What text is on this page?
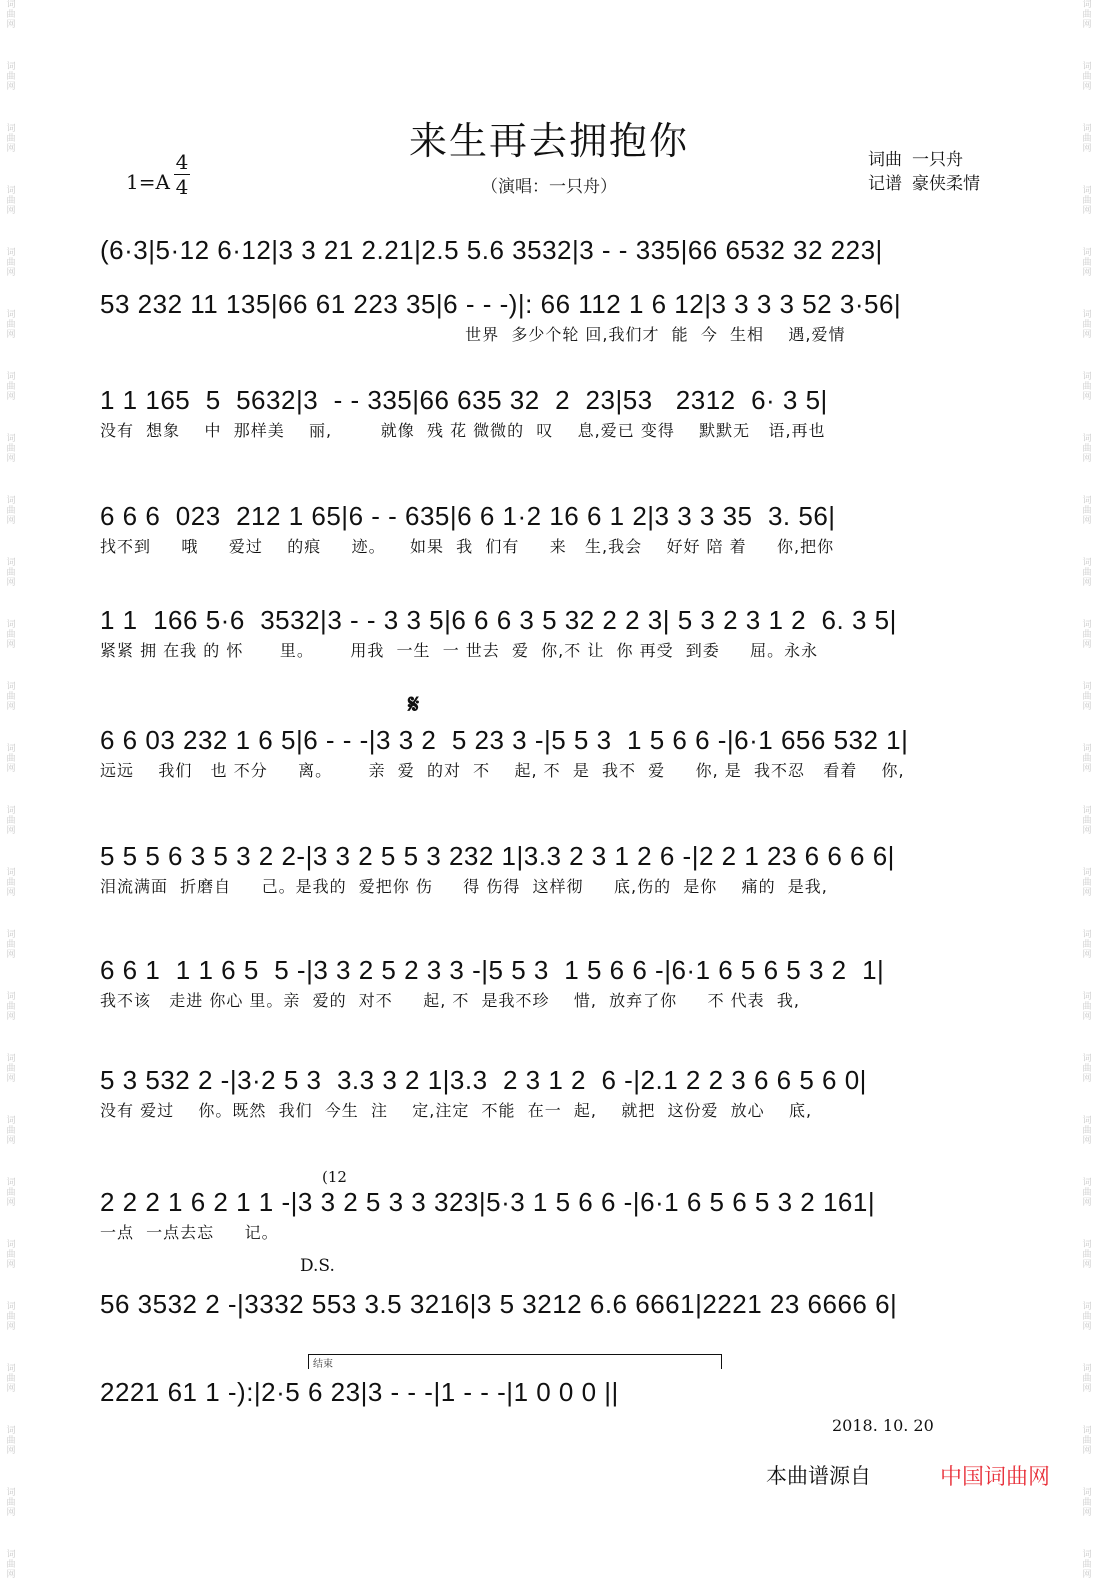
词曲网
词曲网
词曲网
词曲网
词曲网
词曲网
词曲网
词曲网
词曲网
词曲网
词曲网
词曲网
词曲网
词曲网
词曲网
词曲网
词曲网
词曲网
词曲网
词曲网
词曲网
词曲网
词曲网
词曲网
词曲网
词曲网
词曲网
词曲网
词曲网
词曲网
词曲网
词曲网
词曲网
词曲网
词曲网
词曲网
词曲网
词曲网
词曲网
词曲网
词曲网
词曲网
词曲网
词曲网
词曲网
词曲网
词曲网
词曲网
词曲网
词曲网
词曲网
词曲网
来生再去拥抱你
1=A
4
4	（演唱：一只舟）
词曲 一只舟
记谱 豪侠柔情
(6·3|5·12 6·12|3 3 21 2.21|2.5 5.6 3532|3 - - 335|66 6532 32 223|
53 232 11 135|66 61 223 35|6 - - -)|: 66 112 1 6 12|3 3 3 3 52 3·56|
世界  多少个轮 回,我们才  能  今  生相    遇,爱情
1 1 165  5  5632|3  - - 335|66 635 32  2  23|53   2312  6· 3 5|
没有  想象    中  那样美    丽,        就像  残 花 微微的  叹    息,爱已 变得    默默无   语,再也
6 6 6  023  212 1 65|6 - - 635|6 6 1·2 16 6 1 2|3 3 3 35  3. 56|
找不到     哦     爱过    的痕     迹。    如果  我  们有     来   生,我会    好好 陪 着     你,把你
1 1  166 5·6  3532|3 - - 3 3 5|6 6 6 3 5 32 2 2 3| 5 3 2 3 1 2  6. 3 5|
紧紧 拥 在我 的 怀      里。      用我  一生  一 世去  爱  你,不 让  你 再受  到委     屈。永永
𝄋
6 6 03 232 1 6 5|6 - - -|3 3 2  5 23 3 -|5 5 3  1 5 6 6 -|6·1 656 532 1|
远远    我们   也 不分     离。      亲  爱  的对  不    起, 不  是  我不  爱     你, 是  我不忍   看着    你,
5 5 5 6 3 5 3 2 2-|3 3 2 5 5 3 232 1|3.3 2 3 1 2 6 -|2 2 1 23 6 6 6 6|
泪流满面  折磨自     己。是我的  爱把你 伤     得 伤得  这样彻     底,伤的  是你    痛的  是我,
6 6 1  1 1 6 5  5 -|3 3 2 5 2 3 3 -|5 5 3  1 5 6 6 -|6·1 6 5 6 5 3 2  1|
我不该   走进 你心 里。亲  爱的  对不     起, 不  是我不珍    惜,  放弃了你     不 代表  我,
5 3 532 2 -|3·2 5 3  3.3 3 2 1|3.3  2 3 1 2  6 -|2.1 2 2 3 6 6 5 6 0|
没有 爱过    你。既然  我们  今生  注    定,注定  不能  在一  起,    就把  这份爱  放心    底,
(12
2 2 2 1 6 2 1 1 -|3 3 2 5 3 3 323|5·3 1 5 6 6 -|6·1 6 5 6 5 3 2 161|
一点  一点去忘     记。
D.S.
56 3532 2 -|3332 553 3.5 3216|3 5 3212 6.6 6661|2221 23 6666 6|
结束
2221 61 1 -):|2·5 6 23|3 - - -|1 - - -|1 0 0 0 ||
2018. 10. 20
本曲谱源自	中国词曲网
